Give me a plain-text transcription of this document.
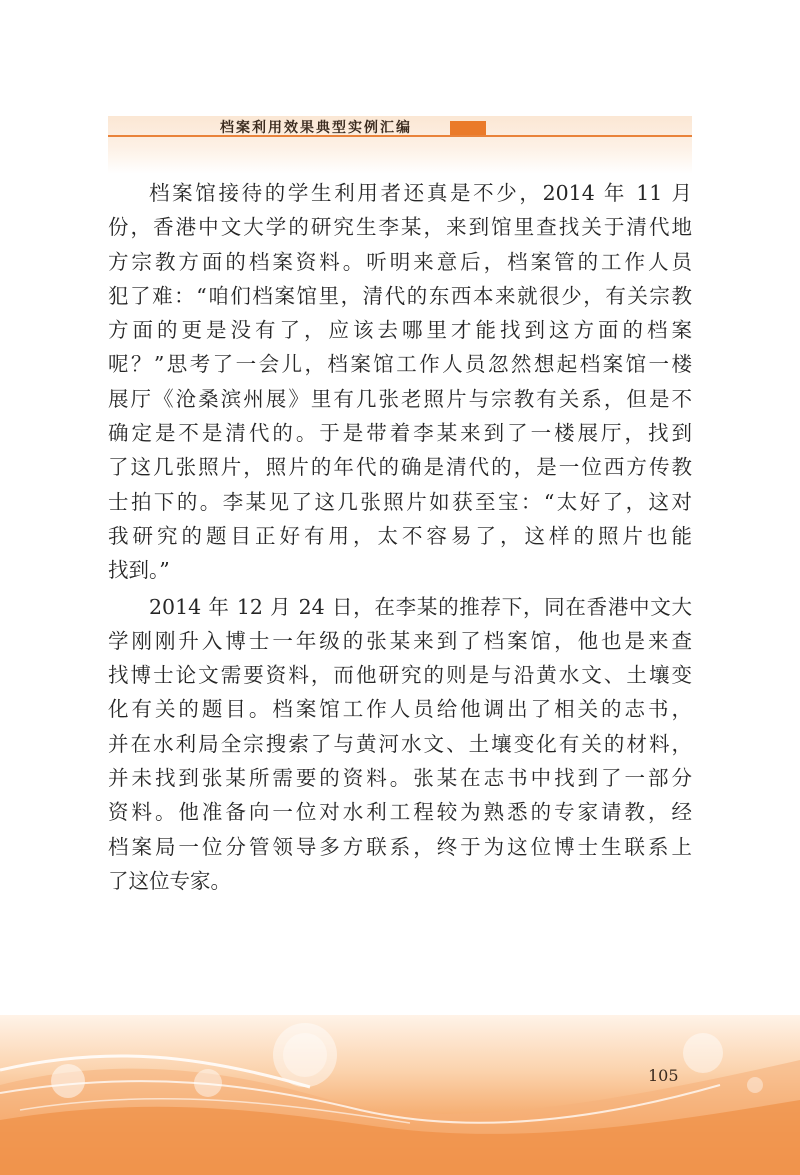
档案利用效果典型实例汇编
档案馆接待的学生利用者还真是不少，2014 年 11 月
份，香港中文大学的研究生李某，来到馆里查找关于清代地
方宗教方面的档案资料。听明来意后，档案管的工作人员
犯了难：“咱们档案馆里，清代的东西本来就很少，有关宗教
方面的更是没有了，应该去哪里才能找到这方面的档案
呢？”思考了一会儿，档案馆工作人员忽然想起档案馆一楼
展厅《沧桑滨州展》里有几张老照片与宗教有关系，但是不
确定是不是清代的。于是带着李某来到了一楼展厅，找到
了这几张照片，照片的年代的确是清代的，是一位西方传教
士拍下的。李某见了这几张照片如获至宝：“太好了，这对
我研究的题目正好有用，太不容易了，这样的照片也能
找到。”
2014 年 12 月 24 日，在李某的推荐下，同在香港中文大
学刚刚升入博士一年级的张某来到了档案馆，他也是来查
找博士论文需要资料，而他研究的则是与沿黄水文、土壤变
化有关的题目。档案馆工作人员给他调出了相关的志书，
并在水利局全宗搜索了与黄河水文、土壤变化有关的材料，
并未找到张某所需要的资料。张某在志书中找到了一部分
资料。他准备向一位对水利工程较为熟悉的专家请教，经
档案局一位分管领导多方联系，终于为这位博士生联系上
了这位专家。
105
